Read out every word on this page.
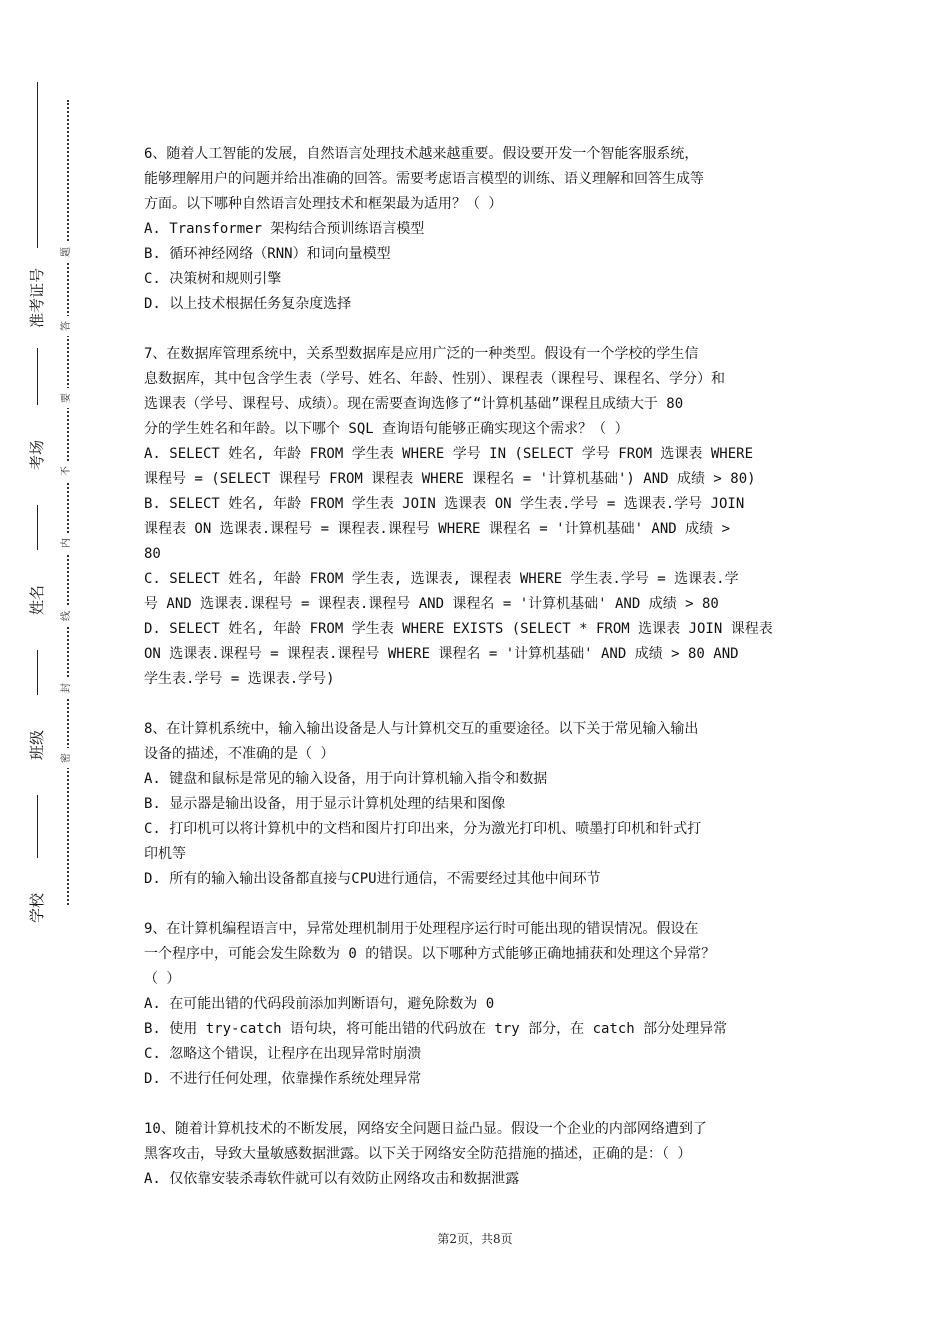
准考证号
考场
姓名
班级
学校
题
答
要
不
内
线
封
密

6、随着人工智能的发展，自然语言处理技术越来越重要。假设要开发一个智能客服系统，

能够理解用户的问题并给出准确的回答。需要考虑语言模型的训练、语义理解和回答生成等

方面。以下哪种自然语言处理技术和框架最为适用？（ ）

A. Transformer 架构结合预训练语言模型

B. 循环神经网络（RNN）和词向量模型

C. 决策树和规则引擎

D. 以上技术根据任务复杂度选择

7、在数据库管理系统中，关系型数据库是应用广泛的一种类型。假设有一个学校的学生信

息数据库，其中包含学生表（学号、姓名、年龄、性别）、课程表（课程号、课程名、学分）和

选课表（学号、课程号、成绩）。现在需要查询选修了“计算机基础”课程且成绩大于 80

分的学生姓名和年龄。以下哪个 SQL 查询语句能够正确实现这个需求？（ ）

A. SELECT 姓名, 年龄 FROM 学生表 WHERE 学号 IN (SELECT 学号 FROM 选课表 WHERE

课程号 = (SELECT 课程号 FROM 课程表 WHERE 课程名 = '计算机基础') AND 成绩 > 80)

B. SELECT 姓名, 年龄 FROM 学生表 JOIN 选课表 ON 学生表.学号 = 选课表.学号 JOIN

课程表 ON 选课表.课程号 = 课程表.课程号 WHERE 课程名 = '计算机基础' AND 成绩 >

80

C. SELECT 姓名, 年龄 FROM 学生表, 选课表, 课程表 WHERE 学生表.学号 = 选课表.学

号 AND 选课表.课程号 = 课程表.课程号 AND 课程名 = '计算机基础' AND 成绩 > 80

D. SELECT 姓名, 年龄 FROM 学生表 WHERE EXISTS (SELECT * FROM 选课表 JOIN 课程表

ON 选课表.课程号 = 课程表.课程号 WHERE 课程名 = '计算机基础' AND 成绩 > 80 AND

学生表.学号 = 选课表.学号)

8、在计算机系统中，输入输出设备是人与计算机交互的重要途径。以下关于常见输入输出

设备的描述，不准确的是（ ）

A. 键盘和鼠标是常见的输入设备，用于向计算机输入指令和数据

B. 显示器是输出设备，用于显示计算机处理的结果和图像

C. 打印机可以将计算机中的文档和图片打印出来，分为激光打印机、喷墨打印机和针式打

印机等

D. 所有的输入输出设备都直接与CPU进行通信，不需要经过其他中间环节

9、在计算机编程语言中，异常处理机制用于处理程序运行时可能出现的错误情况。假设在

一个程序中，可能会发生除数为 0 的错误。以下哪种方式能够正确地捕获和处理这个异常？

（ ）

A. 在可能出错的代码段前添加判断语句，避免除数为 0

B. 使用 try-catch 语句块，将可能出错的代码放在 try 部分，在 catch 部分处理异常

C. 忽略这个错误，让程序在出现异常时崩溃

D. 不进行任何处理，依靠操作系统处理异常

10、随着计算机技术的不断发展，网络安全问题日益凸显。假设一个企业的内部网络遭到了

黑客攻击，导致大量敏感数据泄露。以下关于网络安全防范措施的描述，正确的是：（ ）

A. 仅依靠安装杀毒软件就可以有效防止网络攻击和数据泄露

第2页，共8页
